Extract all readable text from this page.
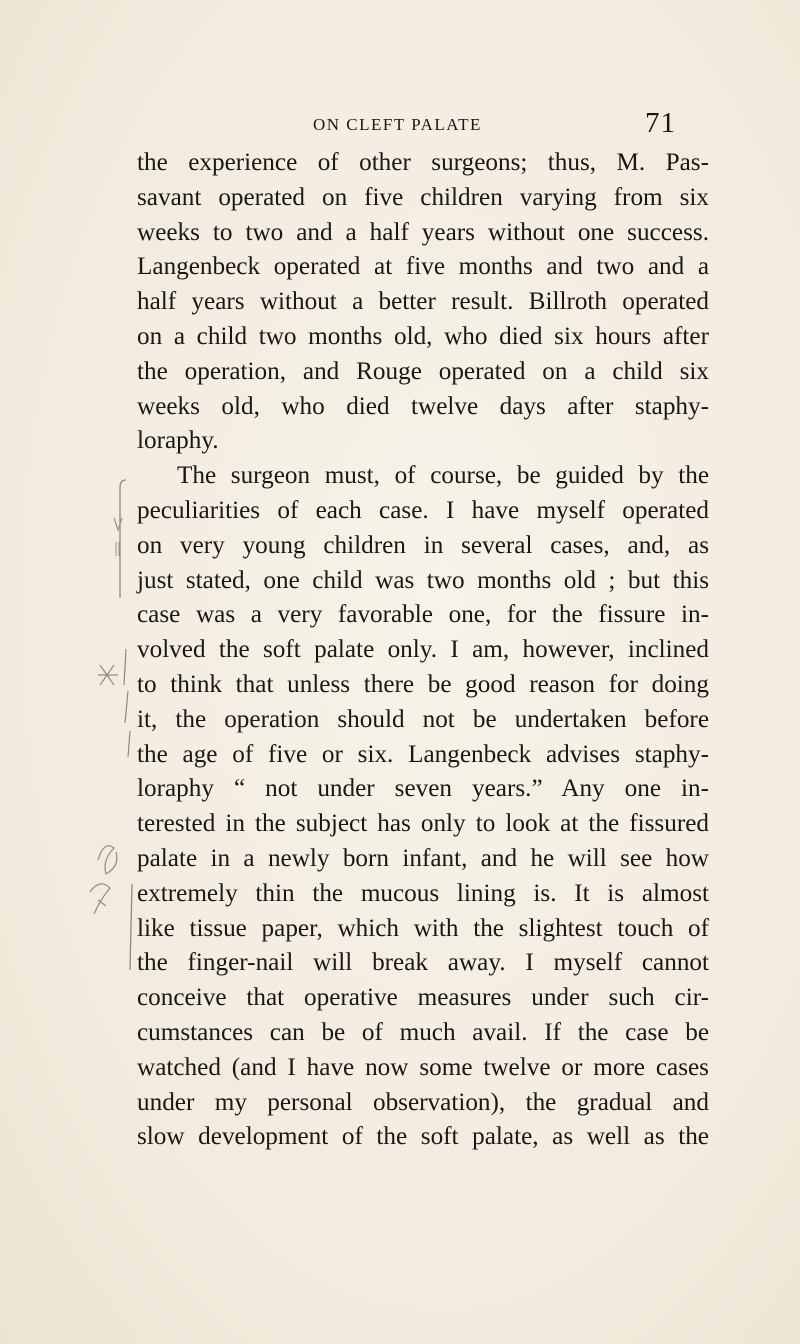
ON CLEFT PALATE	71
the experience of other surgeons; thus, M. Pas-
savant operated on five children varying from six
weeks to two and a half years without one success.
Langenbeck operated at five months and two and a
half years without a better result. Billroth operated
on a child two months old, who died six hours after
the operation, and Rouge operated on a child six
weeks old, who died twelve days after staphy-
loraphy.
The surgeon must, of course, be guided by the
peculiarities of each case. I have myself operated
on very young children in several cases, and, as
just stated, one child was two months old ; but this
case was a very favorable one, for the fissure in-
volved the soft palate only. I am, however, inclined
to think that unless there be good reason for doing
it, the operation should not be undertaken before
the age of five or six. Langenbeck advises staphy-
loraphy “ not under seven years.” Any one in-
terested in the subject has only to look at the fissured
palate in a newly born infant, and he will see how
extremely thin the mucous lining is. It is almost
like tissue paper, which with the slightest touch of
the finger-nail will break away. I myself cannot
conceive that operative measures under such cir-
cumstances can be of much avail. If the case be
watched (and I have now some twelve or more cases
under my personal observation), the gradual and
slow development of the soft palate, as well as the
